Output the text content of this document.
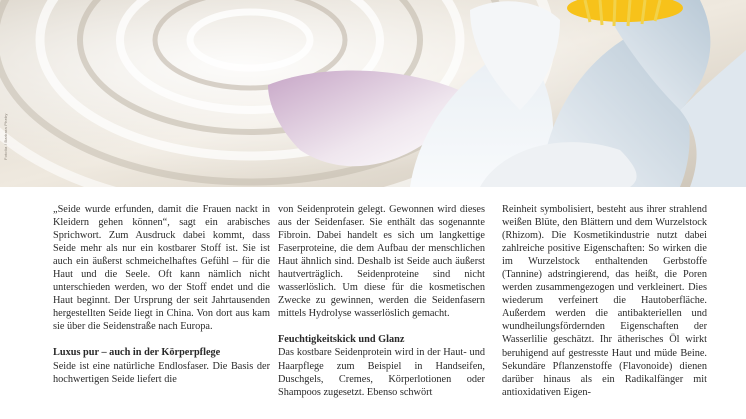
Fotolia / Barbara Pheby

„Seide wurde erfunden, damit die Frauen nackt in Kleidern gehen können“, sagt ein arabisches Sprichwort. Zum Ausdruck dabei kommt, dass Seide mehr als nur ein kostbarer Stoff ist. Sie ist auch ein äußerst schmeichelhaftes Gefühl – für die Haut und die Seele. Oft kann nämlich nicht unterschieden werden, wo der Stoff endet und die Haut beginnt. Der Ursprung der seit Jahrtausenden hergestellten Seide liegt in China. Von dort aus kam sie über die Seidenstraße nach Europa.

Luxus pur – auch in der Körperpflege

Seide ist eine natürliche Endlosfaser. Die Basis der hochwertigen Seide liefert die

von Seidenprotein gelegt. Gewonnen wird dieses aus der Seidenfaser. Sie enthält das sogenannte Fibroin. Dabei handelt es sich um langkettige Faserproteine, die dem Aufbau der menschlichen Haut ähnlich sind. Deshalb ist Seide auch äußerst hautverträglich. Seidenproteine sind nicht wasserlöslich. Um diese für die kosmetischen Zwecke zu gewinnen, werden die Seidenfasern mittels Hydrolyse wasserlöslich gemacht.

Feuchtigkeitskick und Glanz

Das kostbare Seidenprotein wird in der Haut- und Haarpflege zum Beispiel in Handseifen, Duschgels, Cremes, Körperlotionen oder Shampoos zugesetzt. Ebenso schwört

Reinheit symbolisiert, besteht aus ihrer strahlend weißen Blüte, den Blättern und dem Wurzelstock (Rhizom). Die Kosmetikindustrie nutzt dabei zahlreiche positive Eigenschaften: So wirken die im Wurzelstock enthaltenden Gerbstoffe (Tannine) adstringierend, das heißt, die Poren werden zusammengezogen und verkleinert. Dies wiederum verfeinert die Hautoberfläche. Außerdem werden die antibakteriellen und wundheilungsfördernden Eigenschaften der Wasserlilie geschätzt. Ihr ätherisches Öl wirkt beruhigend auf gestresste Haut und müde Beine. Sekundäre Pflanzenstoffe (Flavonoide) dienen darüber hinaus als ein Radikalfänger mit antioxidativen Eigen-
